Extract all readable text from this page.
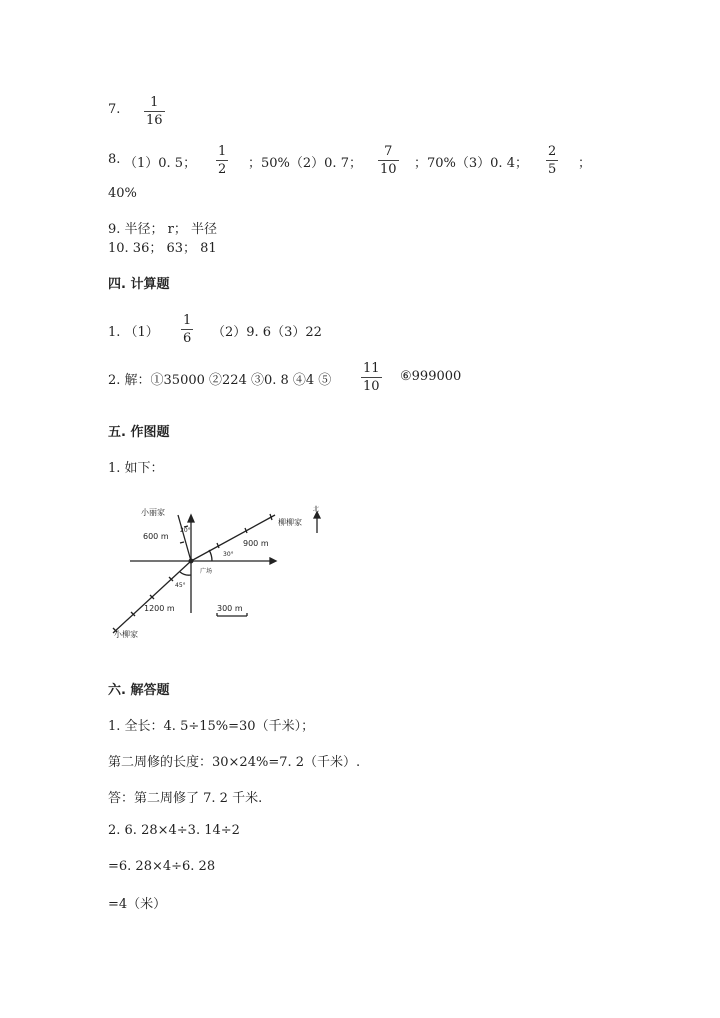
7. 1
16
8. （1）0. 5；
1
2 ；50%（2）0. 7；
7
10 ；70%（3）0. 4；
2
5 ；
40%
9. 半径； r； 半径
10. 36； 63； 81
四. 计算题
1. （1）
1
6 （2）9. 6（3）22
2. 解：①35000 ②224 ③0. 8 ④4 ⑤
11
10
⑥999000
五. 作图题
1. 如下：
小丽家
600 m
20°
柳柳家
900 m
30°
广场
45°
1200 m	300 m
小柳家
北
六. 解答题
1. 全长：4. 5÷15%=30（千米）；
第二周修的长度：30×24%=7. 2（千米）.
答：第二周修了 7. 2 千米.
2. 6. 28×4÷3. 14÷2
=6. 28×4÷6. 28
=4（米）
